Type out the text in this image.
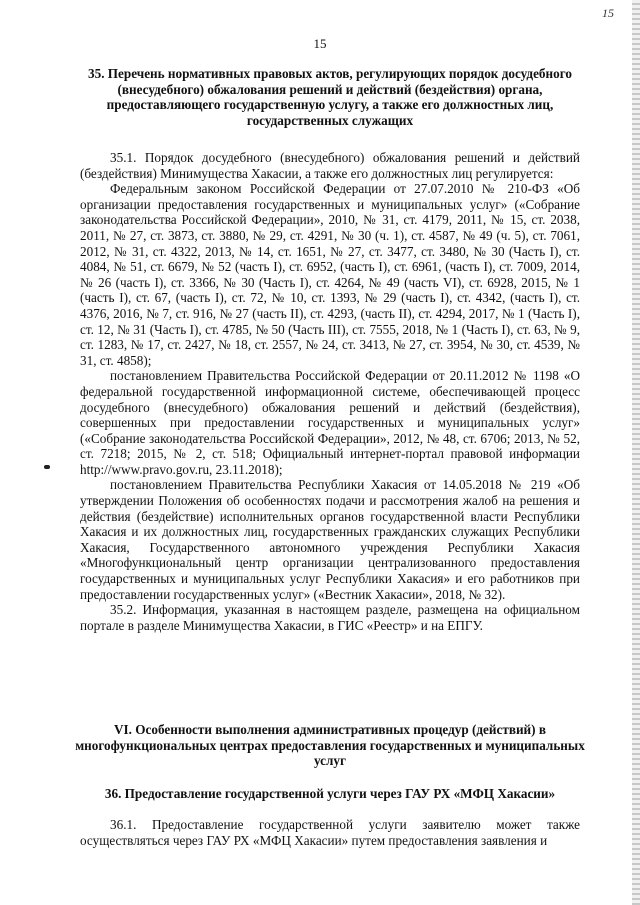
15
15
35. Перечень нормативных правовых актов, регулирующих порядок досудебного (внесудебного) обжалования решений и действий (бездействия) органа, предоставляющего государственную услугу, а также его должностных лиц, государственных служащих

35.1. Порядок досудебного (внесудебного) обжалования решений и действий (бездействия) Минимущества Хакасии, а также его должностных лиц регулируется:

Федеральным законом Российской Федерации от 27.07.2010 № 210-ФЗ «Об организации предоставления государственных и муниципальных услуг» («Собрание законодательства Российской Федерации», 2010, № 31, ст. 4179, 2011, № 15, ст. 2038, 2011, № 27, ст. 3873, ст. 3880, № 29, ст. 4291, № 30 (ч. 1), ст. 4587, № 49 (ч. 5), ст. 7061, 2012, № 31, ст. 4322, 2013, № 14, ст. 1651, № 27, ст. 3477, ст. 3480, № 30 (Часть I), ст. 4084, № 51, ст. 6679, № 52 (часть I), ст. 6952, (часть I), ст. 6961, (часть I), ст. 7009, 2014, № 26 (часть I), ст. 3366, № 30 (Часть I), ст. 4264, № 49 (часть VI), ст. 6928, 2015, № 1 (часть I), ст. 67, (часть I), ст. 72, № 10, ст. 1393, № 29 (часть I), ст. 4342, (часть I), ст. 4376, 2016, № 7, ст. 916, № 27 (часть II), ст. 4293, (часть II), ст. 4294, 2017, № 1 (Часть I), ст. 12, № 31 (Часть I), ст. 4785, № 50 (Часть III), ст. 7555, 2018, № 1 (Часть I), ст. 63, № 9, ст. 1283, № 17, ст. 2427, № 18, ст. 2557, № 24, ст. 3413, № 27, ст. 3954, № 30, ст. 4539, № 31, ст. 4858);

постановлением Правительства Российской Федерации от 20.11.2012 № 1198 «О федеральной государственной информационной системе, обеспечивающей процесс досудебного (внесудебного) обжалования решений и действий (бездействия), совершенных при предоставлении государственных и муниципальных услуг» («Собрание законодательства Российской Федерации», 2012, № 48, ст. 6706; 2013, № 52, ст. 7218; 2015, № 2, ст. 518; Официальный интернет-портал правовой информации http://www.pravo.gov.ru, 23.11.2018);

постановлением Правительства Республики Хакасия от 14.05.2018 № 219 «Об утверждении Положения об особенностях подачи и рассмотрения жалоб на решения и действия (бездействие) исполнительных органов государственной власти Республики Хакасия и их должностных лиц, государственных гражданских служащих Республики Хакасия, Государственного автономного учреждения Республики Хакасия «Многофункциональный центр организации централизованного предоставления государственных и муниципальных услуг Республики Хакасия» и его работников при предоставлении государственных услуг» («Вестник Хакасии», 2018, № 32).

35.2. Информация, указанная в настоящем разделе, размещена на официальном портале в разделе Минимущества Хакасии, в ГИС «Реестр» и на ЕПГУ.

VI. Особенности выполнения административных процедур (действий) в многофункциональных центрах предоставления государственных и муниципальных услуг
36. Предоставление государственной услуги через ГАУ РХ «МФЦ Хакасии»

36.1. Предоставление государственной услуги заявителю может также осуществляться через ГАУ РХ «МФЦ Хакасии» путем предоставления заявления и
